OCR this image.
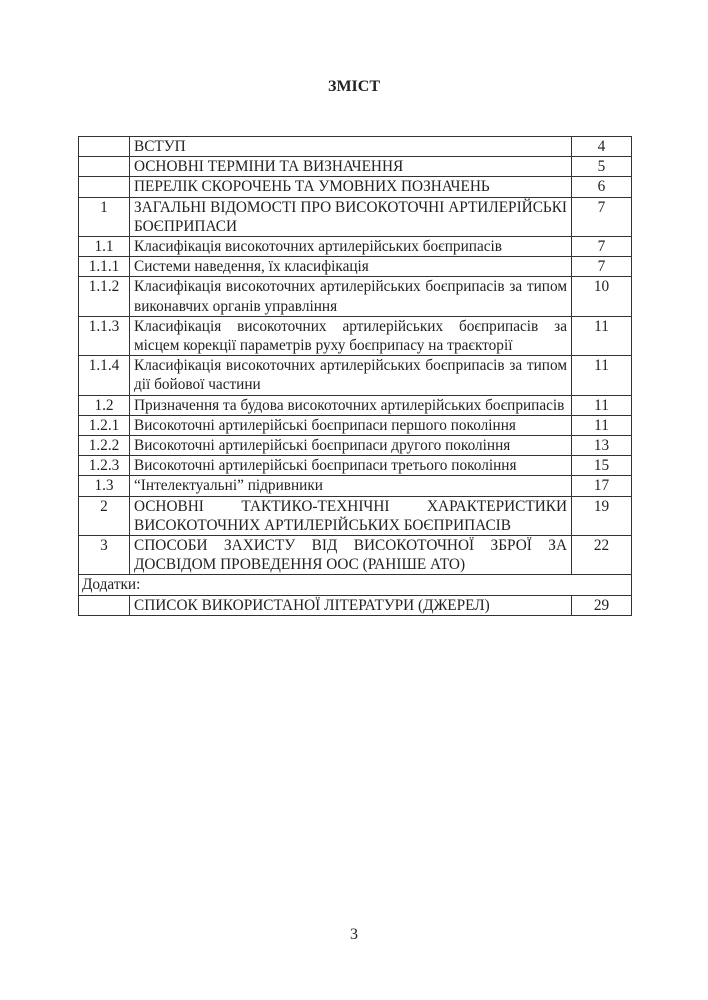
ЗМІСТ
	ВСТУП	4
	ОСНОВНІ ТЕРМІНИ ТА ВИЗНАЧЕННЯ	5
	ПЕРЕЛІК СКОРОЧЕНЬ ТА УМОВНИХ ПОЗНАЧЕНЬ	6
1	ЗАГАЛЬНІ ВІДОМОСТІ ПРО ВИСОКОТОЧНІ АРТИЛЕРІЙСЬКІ БОЄПРИПАСИ	7
1.1	Класифікація високоточних артилерійських боєприпасів	7
1.1.1	Системи наведення, їх класифікація	7
1.1.2	Класифікація високоточних артилерійських боєприпасів за типом виконавчих органів управління	10
1.1.3	Класифікація високоточних артилерійських боєприпасів за місцем корекції параметрів руху боєприпасу на траєкторії	11
1.1.4	Класифікація високоточних артилерійських боєприпасів за типом дії бойової частини	11
1.2	Призначення та будова високоточних артилерійських боєприпасів	11
1.2.1	Високоточні артилерійські боєприпаси першого покоління	11
1.2.2	Високоточні артилерійські боєприпаси другого покоління	13
1.2.3	Високоточні артилерійські боєприпаси третього покоління	15
1.3	“Інтелектуальні” підривники	17
2	ОСНОВНІ ТАКТИКО-ТЕХНІЧНІ ХАРАКТЕРИСТИКИ ВИСОКОТОЧНИХ АРТИЛЕРІЙСЬКИХ БОЄПРИПАСІВ	19
3	СПОСОБИ ЗАХИСТУ ВІД ВИСОКОТОЧНОЇ ЗБРОЇ ЗА ДОСВІДОМ ПРОВЕДЕННЯ ООС (РАНІШЕ АТО)	22
Додатки:		
	СПИСОК ВИКОРИСТАНОЇ ЛІТЕРАТУРИ (ДЖЕРЕЛ)	29
3
